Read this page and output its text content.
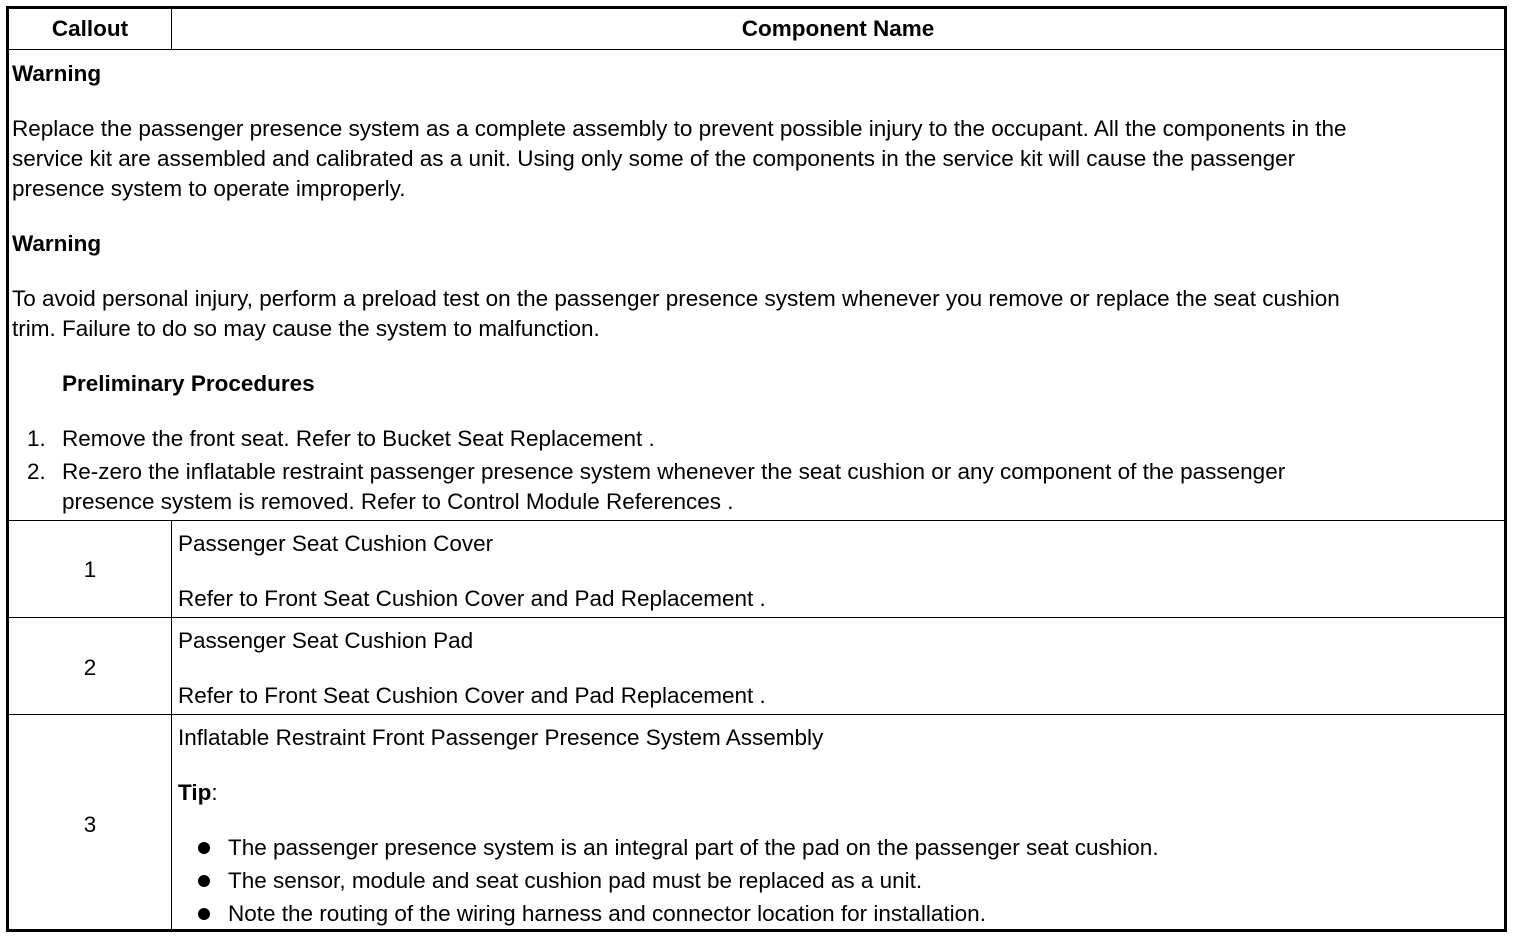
Callout	Component Name
Warning
Replace the passenger presence system as a complete assembly to prevent possible injury to the occupant. All the components in the
service kit are assembled and calibrated as a unit. Using only some of the components in the service kit will cause the passenger
presence system to operate improperly.
Warning
To avoid personal injury, perform a preload test on the passenger presence system whenever you remove or replace the seat cushion
trim. Failure to do so may cause the system to malfunction.
Preliminary Procedures
1. Remove the front seat. Refer to Bucket Seat Replacement .
2. Re-zero the inflatable restraint passenger presence system whenever the seat cushion or any component of the passenger
presence system is removed. Refer to Control Module References .
1
Passenger Seat Cushion Cover
Refer to Front Seat Cushion Cover and Pad Replacement .
2
Passenger Seat Cushion Pad
Refer to Front Seat Cushion Cover and Pad Replacement .
3
Inflatable Restraint Front Passenger Presence System Assembly
Tip:
The passenger presence system is an integral part of the pad on the passenger seat cushion.
The sensor, module and seat cushion pad must be replaced as a unit.
Note the routing of the wiring harness and connector location for installation.
